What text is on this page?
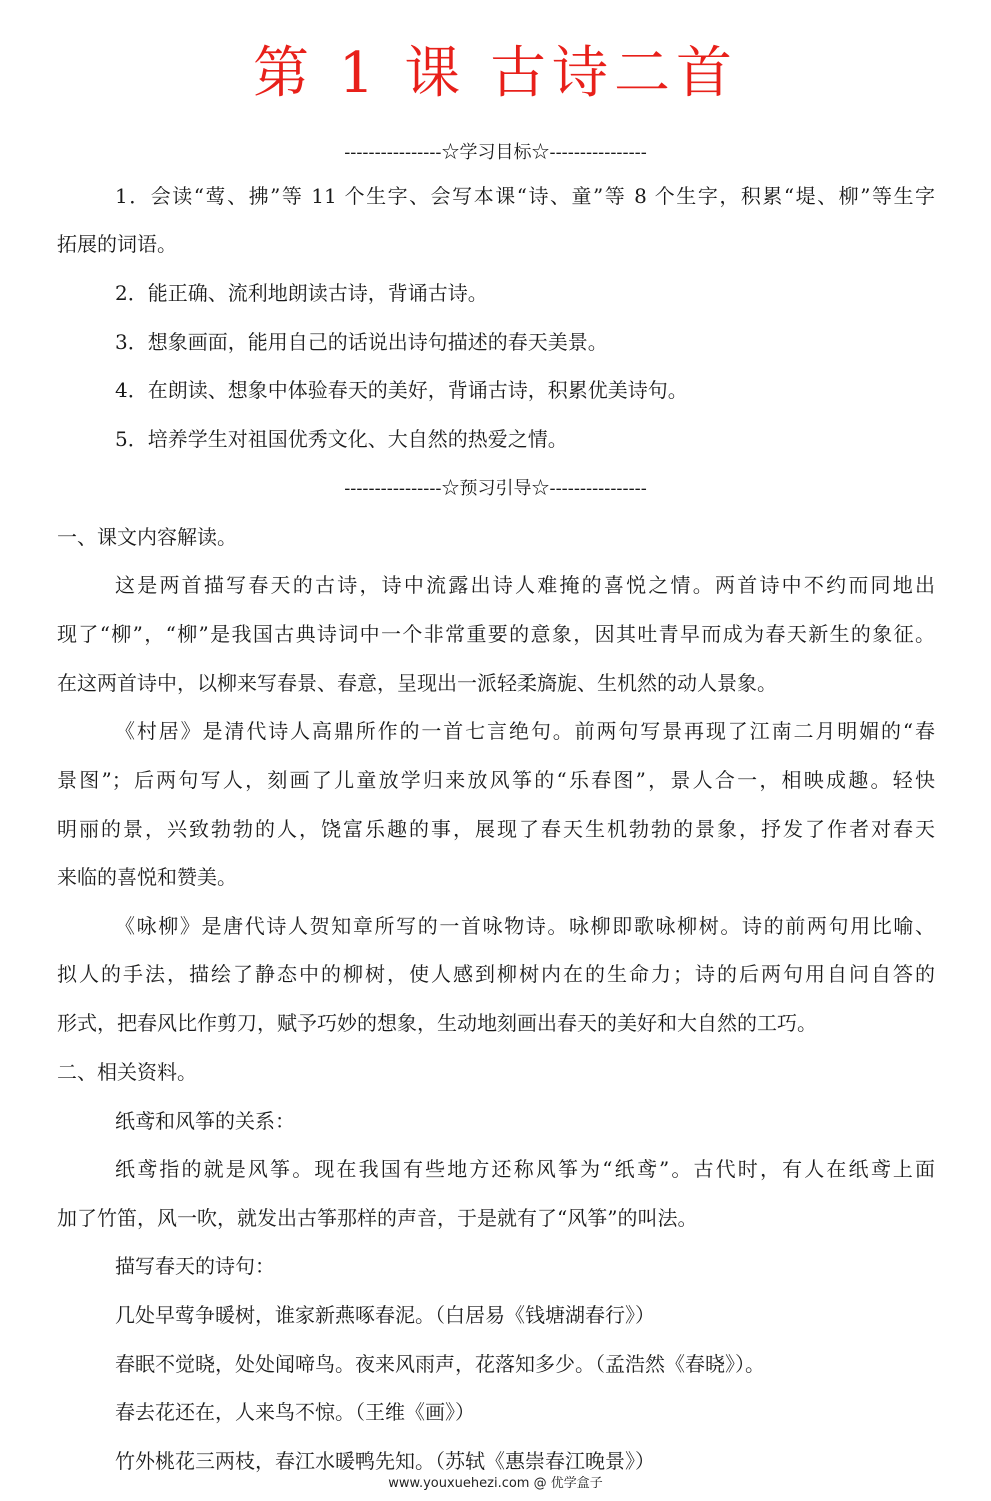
第 1 课 古诗二首
----------------☆学习目标☆----------------
1．会读“莺、拂”等 11 个生字、会写本课“诗、童”等 8 个生字，积累“堤、柳”等生字
拓展的词语。
2．能正确、流利地朗读古诗，背诵古诗。
3．想象画面，能用自己的话说出诗句描述的春天美景。
4．在朗读、想象中体验春天的美好，背诵古诗，积累优美诗句。
5．培养学生对祖国优秀文化、大自然的热爱之情。
----------------☆预习引导☆----------------
一、课文内容解读。
这是两首描写春天的古诗，诗中流露出诗人难掩的喜悦之情。两首诗中不约而同地出
现了“柳”，“柳”是我国古典诗词中一个非常重要的意象，因其吐青早而成为春天新生的象征。
在这两首诗中，以柳来写春景、春意，呈现出一派轻柔旖旎、生机然的动人景象。
《村居》是清代诗人高鼎所作的一首七言绝句。前两句写景再现了江南二月明媚的“春
景图”；后两句写人，刻画了儿童放学归来放风筝的“乐春图”，景人合一，相映成趣。轻快
明丽的景，兴致勃勃的人，饶富乐趣的事，展现了春天生机勃勃的景象，抒发了作者对春天
来临的喜悦和赞美。
《咏柳》是唐代诗人贺知章所写的一首咏物诗。咏柳即歌咏柳树。诗的前两句用比喻、
拟人的手法，描绘了静态中的柳树，使人感到柳树内在的生命力；诗的后两句用自问自答的
形式，把春风比作剪刀，赋予巧妙的想象，生动地刻画出春天的美好和大自然的工巧。
二、相关资料。
纸鸢和风筝的关系：
纸鸢指的就是风筝。现在我国有些地方还称风筝为“纸鸢”。古代时，有人在纸鸢上面
加了竹笛，风一吹，就发出古筝那样的声音，于是就有了“风筝”的叫法。
描写春天的诗句：
几处早莺争暖树，谁家新燕啄春泥。（白居易《钱塘湖春行》）
春眠不觉晓，处处闻啼鸟。夜来风雨声，花落知多少。（孟浩然《春晓》）。
春去花还在，人来鸟不惊。（王维《画》）
竹外桃花三两枝，春江水暖鸭先知。（苏轼《惠崇春江晚景》）
www.youxuehezi.com @ 优学盒子
